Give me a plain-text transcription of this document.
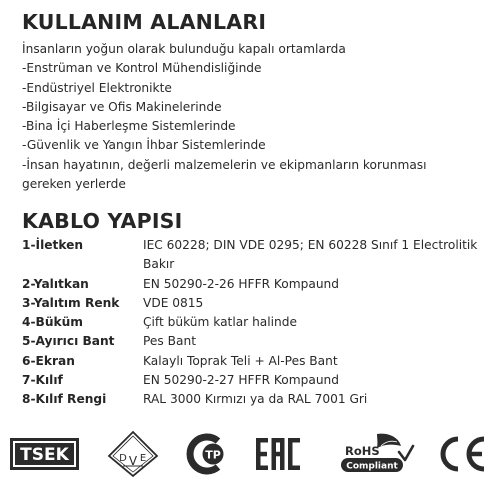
KULLANIM ALANLARI
İnsanların yoğun olarak bulunduğu kapalı ortamlarda
-Enstrüman ve Kontrol Mühendisliğinde
-Endüstriyel Elektronikte
-Bilgisayar ve Ofis Makinelerinde
-Bina İçi Haberleşme Sistemlerinde
-Güvenlik ve Yangın İhbar Sistemlerinde
-İnsan hayatının, değerli malzemelerin ve ekipmanların korunması
gereken yerlerde
KABLO YAPISI
1-İletken	IEC 60228; DIN VDE 0295; EN 60228 Sınıf 1 Electrolitik Bakır
2-Yalıtkan	EN 50290-2-26 HFFR Kompaund
3-Yalıtım Renk	VDE 0815
4-Büküm	Çift büküm katlar halinde
5-Ayırıcı Bant	Pes Bant
6-Ekran	Kalaylı Toprak Teli + Al-Pes Bant
7-Kılıf	EN 50290-2-27 HFFR Kompaund
8-Kılıf Rengi	RAL 3000 Kırmızı ya da RAL 7001 Gri
TSEK	D V E	ТР
EAC
RoHS
Compliant
CE
